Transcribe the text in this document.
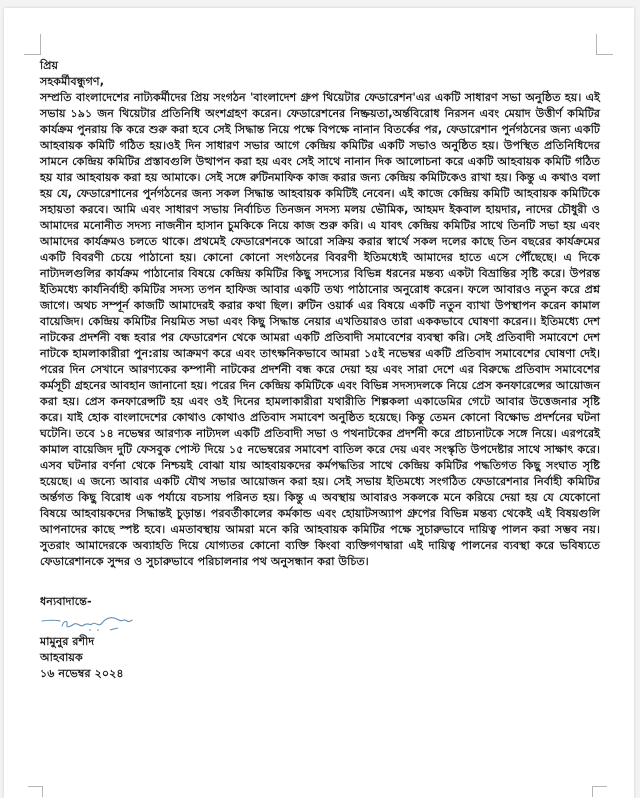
প্রিয়
সহকর্মীবন্ধুগণ,

সম্প্রতি বাংলাদেশের নাট্যকর্মীদের প্রিয় সংগঠন 'বাংলাদেশ গ্রুপ থিয়েটার ফেডারেশন'এর একটি সাধারণ সভা অনুষ্ঠিত হয়। এই সভায় ১৯১ জন থিয়েটার প্রতিনিধি অংশগ্রহণ করেন। ফেডারেশনের নিষ্ক্রয়তা,অর্ন্তবিরোধ নিরসন এবং মেয়াদ উত্তীর্ণ কমিটির কার্যক্রম পুনরায় কি করে শুরু করা হবে সেই সিদ্ধান্ত নিয়ে পক্ষে বিপক্ষে নানান বিতর্কের পর, ফেডারেশান পুর্নগঠনের জন্য একটি আহবায়ক কমিটি গঠিত হয়।ওই দিন সাধারণ সভার আগে কেন্দ্রিয় কমিটির একটি সভাও অনুষ্ঠিত হয়। উপস্থিত প্রতিনিধিদের সামনে কেন্দ্রিয় কমিটির প্রস্তাবগুলি উত্থাপন করা হয় এবং সেই সাথে নানান দিক আলোচনা করে একটি আহবায়ক কমিটি গঠিত হয় যার আহবায়ক করা হয় আমাকে। সেই সঙ্গে রুটিনমাফিক কাজ করার জন্য কেন্দ্রিয় কমিটিকেও রাখা হয়। কিন্তু এ কথাও বলা হয় যে, ফেডারেশানের পুর্নগঠনের জন্য সকল সিদ্ধান্ত আহবায়ক কমিটিই নেবেন। এই কাজে কেন্দ্রিয় কমিটি আহবায়ক কমিটিকে সহায়তা করবে। আমি এবং সাধারণ সভায় নির্বাচিত তিনজন সদস্য মলয় ভৌমিক, আহমদ ইকবাল হায়দার, নাদের চৌধুরী ও আমাদের মনোনীত সদস্য নাজনীন হাসান চুমকিকে নিয়ে কাজ শুরু করি। এ যাবৎ কেন্দ্রিয় কমিটির সাথে তিনটি সভা হয় এবং আমাদের কার্যক্রমও চলতে থাকে। প্রথমেই ফেডারেশনকে আরো সক্রিয় করার স্বার্থে সকল দলের কাছে তিন বছরের কার্যক্রমের একটি বিবরণী চেয়ে পাঠানো হয়। কোনো কোনো সংগঠনের বিবরণী ইতিমধ্যেই আমাদের হাতে এসে পৌঁছেছে। এ দিকে নাট্যদলগুলির কার্যক্রম পাঠানোর বিষয়ে কেন্দ্রিয় কমিটির কিছু সদস্যের বিভিন্ন ধরনের মন্তব্য একটা বিভ্রান্তির সৃষ্টি করে। উপরন্ত ইতিমধ্যে কার্যনির্বাহী কমিটির সদস্য তপন হাফিজ আবার একটি তথ্য পাঠানোর অনুরোধ করেন। ফলে আবারও নতুন করে প্রশ্ন জাগে। অথচ সম্পূর্ন কাজটি আমাদেরই করার কথা ছিল। রুটিন ওয়ার্ক এর বিষয়ে একটি নতুন ব্যাখা উপস্থাপন করেন কামাল বায়েজিদ। কেন্দ্রিয় কমিটির নিয়মিত সভা এবং কিছু সিদ্ধান্ত নেয়ার এখতিয়ারও তারা এককভাবে ঘোষণা করেন।। ইতিমধ্যে দেশ নাটকের প্রদর্শনী বন্ধ হবার পর ফেডারেশন থেকে আমরা একটি প্রতিবাদী সমাবেশের ব্যবস্থা করি। সেই প্রতিবাদী সমাবেশে দেশ নাটকে হামলাকারীরা পুন:রায় আক্রমণ করে এবং তাৎক্ষনিকভাবে আমরা ১৫ই নভেম্বর একটি প্রতিবাদ সমাবেশের ঘোষণা দেই। পরের দিন সেখানে আরণ্যকের কম্পানী নাটকের প্রদর্শনী বন্ধ করে দেয়া হয় এবং সারা দেশে এর বিরুদ্ধে প্রতিবাদ সমাবেশের কর্মসূচী গ্রহনের আবহান জানানো হয়। পরের দিন কেন্দ্রিয় কমিটিকে এবং বিভিন্ন সদস্যদলকে নিয়ে প্রেস কনফারেন্সের আয়োজন করা হয়। প্রেস কনফারেন্সটি হয় এবং ওই দিনের হামলাকারীরা যথারীতি শিল্পকলা একাডেমির গেটে আবার উত্তেজনার সৃষ্টি করে। যাই হোক বাংলাদেশের কোথাও কোথাও প্রতিবাদ সমাবেশ অনুষ্ঠিত হয়েছে। কিন্তু তেমন কোনো বিক্ষোভ প্রদর্শনের ঘটনা ঘটেনি। তবে ১৪ নভেম্বর আরণ্যক নাট্যদল একটি প্রতিবাদী সভা ও পথনাটকের প্রদর্শনী করে প্রাচ্যনাটকে সঙ্গে নিয়ে। এরপরেই কামাল বায়েজিদ দুটি ফেসবুক পোস্ট দিয়ে ১৫ নভেম্বরের সমাবেশ বাতিল করে দেয় এবং সংস্কৃতি উপদেষ্টার সাথে সাক্ষাৎ করে। এসব ঘটনার বর্ণনা থেকে নিশ্চয়ই বোঝা যায় আহবায়কদের কর্মপদ্ধতির সাথে কেন্দ্রিয় কমিটির পদ্ধতিগত কিছু সংঘাত সৃষ্টি হয়েছে। এ জন্যে আবার একটি যৌথ সভার আয়োজন করা হয়। সেই সভায় ইতিমধ্যে সংগঠিত ফেডারেশনার নির্বাহী কমিটির অর্ন্তগত কিছু বিরোধ এক পর্যায়ে বচসায় পরিনত হয়। কিন্তু এ অবস্থায় আবারও সকলকে মনে করিয়ে দেয়া হয় যে যেকোনো বিষয়ে আহবায়কদের সিদ্ধান্তই চুড়ান্ত। পরবর্তীকালের কর্মকান্ড এবং হোয়াটসঅ্যাপ গ্রুপের বিভিন্ন মন্তব্য থেকেই এই বিষয়গুলি আপনাদের কাছে স্পষ্ট হবে। এমতাবস্থায় আমরা মনে করি আহবায়ক কমিটির পক্ষে সুচারুভাবে দায়িত্ব পালন করা সম্ভব নয়। সুতরাং আমাদেরকে অব্যাহতি দিয়ে যোগ্যতর কোনো ব্যক্তি কিংবা ব্যক্তিগণদ্বারা এই দায়িত্ব পালনের ব্যবস্থা করে ভবিষ্যতে ফেডারেশানকে সুন্দর ও সুচারুভাবে পরিচালনার পথ অনুসন্ধান করা উচিত।

ধন্যবাদান্তে-
মামুনুর রশীদ
আহবায়ক
১৬ নভেম্বর ২০২৪
